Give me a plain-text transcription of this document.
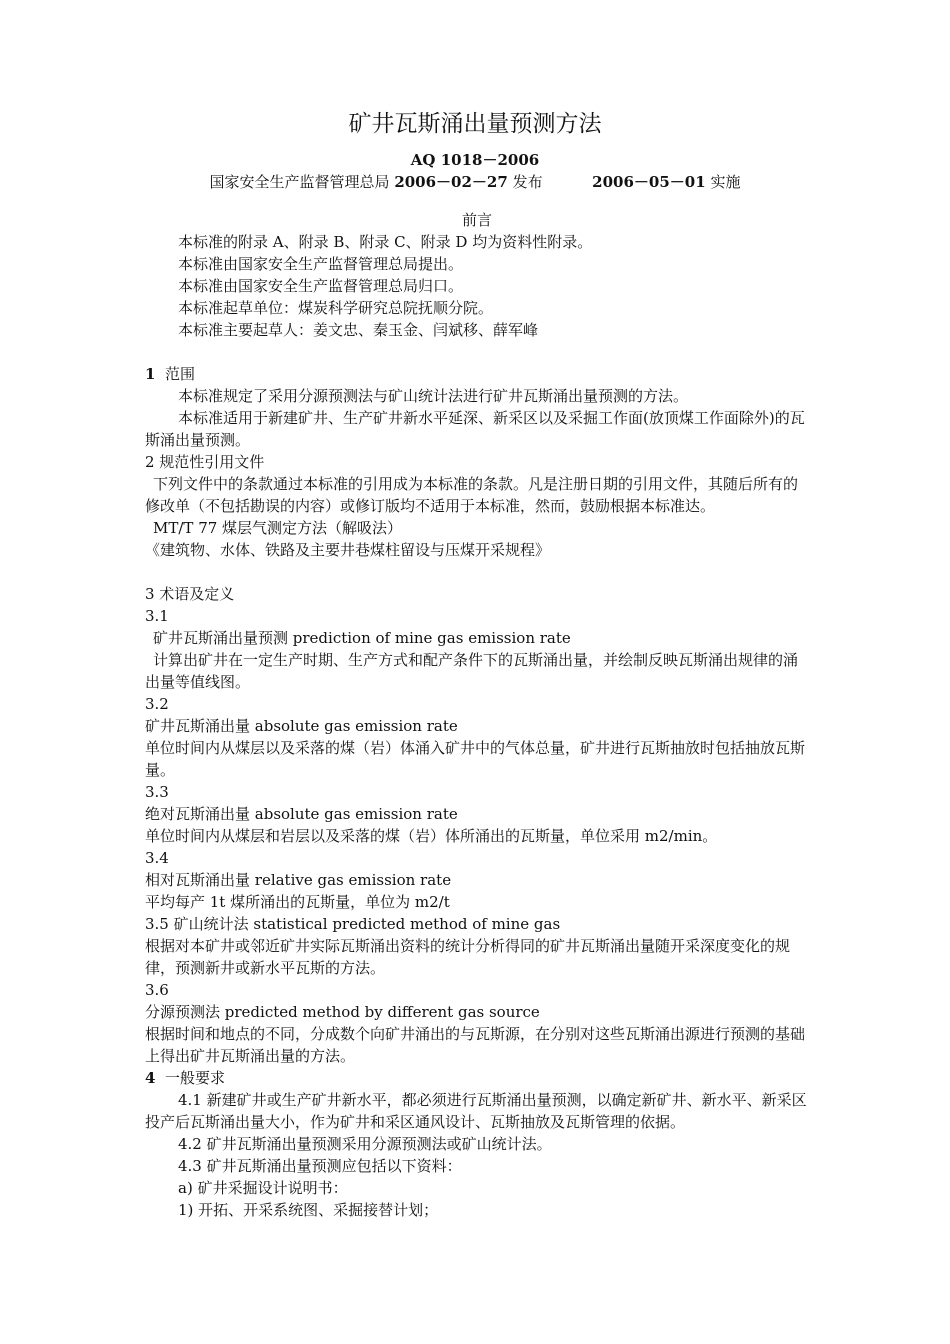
矿井瓦斯涌出量预测方法
AQ 1018－2006
国家安全生产监督管理总局 2006－02－27 发布	2006－05－01 实施

前言

本标准的附录 A、附录 B、附录 C、附录 D 均为资料性附录。

本标准由国家安全生产监督管理总局提出。

本标准由国家安全生产监督管理总局归口。

本标准起草单位：煤炭科学研究总院抚顺分院。

本标准主要起草人：姜文忠、秦玉金、闫斌移、薛军峰

1 范围

本标准规定了采用分源预测法与矿山统计法进行矿井瓦斯涌出量预测的方法。

本标准适用于新建矿井、生产矿井新水平延深、新采区以及采掘工作面(放顶煤工作面除外)的瓦斯涌出量预测。

2 规范性引用文件

下列文件中的条款通过本标准的引用成为本标准的条款。凡是注册日期的引用文件，其随后所有的修改单（不包括勘误的内容）或修订版均不适用于本标准，然而，鼓励根据本标准达。

MT/T 77 煤层气测定方法（解吸法）

《建筑物、水体、铁路及主要井巷煤柱留设与压煤开采规程》

3 术语及定义

3.1

矿井瓦斯涌出量预测 prediction of mine gas emission rate

计算出矿井在一定生产时期、生产方式和配产条件下的瓦斯涌出量，并绘制反映瓦斯涌出规律的涌出量等值线图。

3.2

矿井瓦斯涌出量 absolute gas emission rate

单位时间内从煤层以及采落的煤（岩）体涌入矿井中的气体总量，矿井进行瓦斯抽放时包括抽放瓦斯量。

3.3

绝对瓦斯涌出量 absolute gas emission rate

单位时间内从煤层和岩层以及采落的煤（岩）体所涌出的瓦斯量，单位采用 m2/min。

3.4

相对瓦斯涌出量 relative gas emission rate

平均每产 1t 煤所涌出的瓦斯量，单位为 m2/t

3.5 矿山统计法 statistical predicted method of mine gas

根据对本矿井或邻近矿井实际瓦斯涌出资料的统计分析得同的矿井瓦斯涌出量随开采深度变化的规律，预测新井或新水平瓦斯的方法。

3.6

分源预测法 predicted method by different gas source

根据时间和地点的不同，分成数个向矿井涌出的与瓦斯源，在分别对这些瓦斯涌出源进行预测的基础上得出矿井瓦斯涌出量的方法。

4 一般要求

4.1 新建矿井或生产矿井新水平，都必须进行瓦斯涌出量预测，以确定新矿井、新水平、新采区投产后瓦斯涌出量大小，作为矿井和采区通风设计、瓦斯抽放及瓦斯管理的依据。

4.2 矿井瓦斯涌出量预测采用分源预测法或矿山统计法。

4.3 矿井瓦斯涌出量预测应包括以下资料：

a) 矿井采掘设计说明书：

1) 开拓、开采系统图、采掘接替计划；
